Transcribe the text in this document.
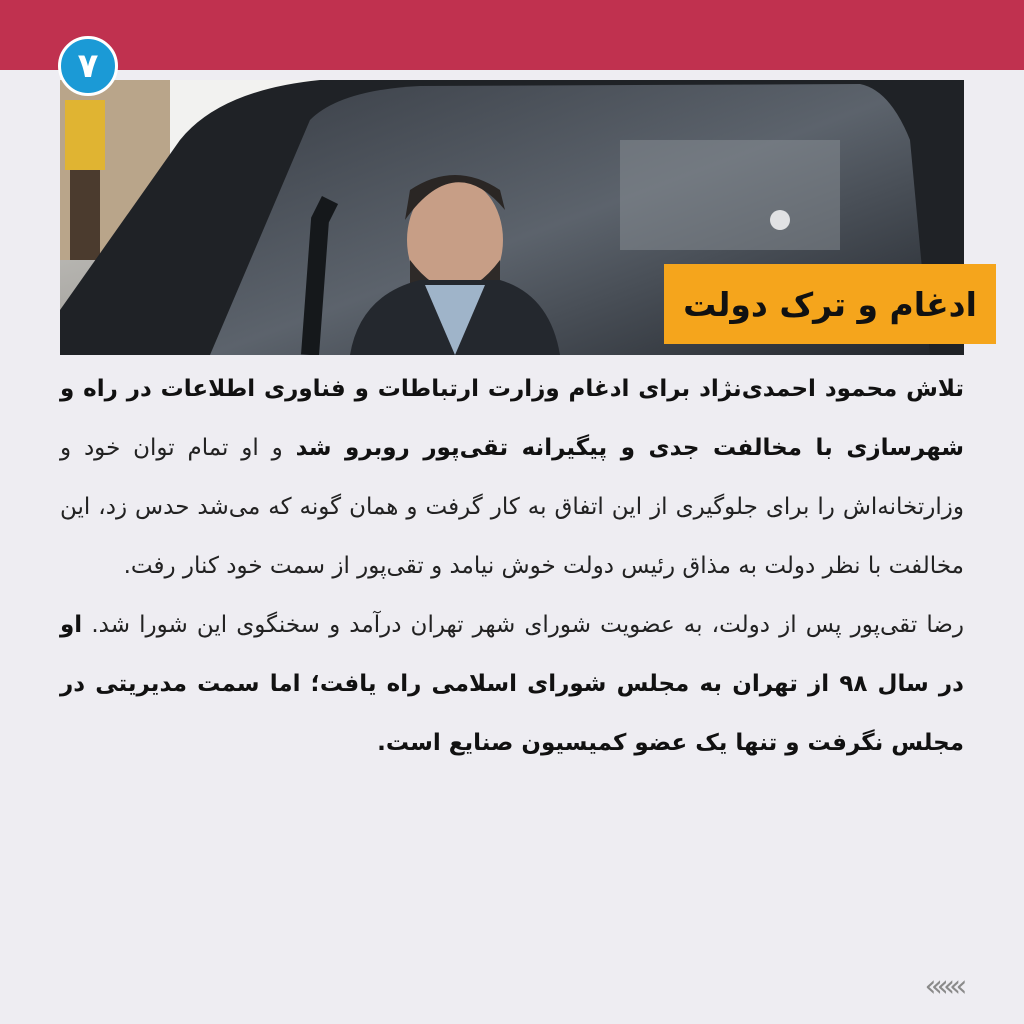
۷
ادغام و ترک دولت

تلاش محمود احمدی‌نژاد برای ادغام وزارت ارتباطات و فناوری اطلاعات در راه و شهرسازی با مخالفت جدی و پیگیرانه تقی‌پور روبرو شد و او تمام توان خود و وزارتخانه‌اش را برای جلوگیری از این اتفاق به کار گرفت و همان گونه که می‌شد حدس زد، این مخالفت با نظر دولت به مذاق رئیس دولت خوش نیامد و تقی‌پور از سمت خود کنار رفت.

رضا تقی‌پور پس از دولت، به عضویت شورای شهر تهران درآمد و سخنگوی این شورا شد. او در سال ۹۸ از تهران به مجلس شورای اسلامی راه یافت؛ اما سمت مدیریتی در مجلس نگرفت و تنها یک عضو کمیسیون صنایع است.

«««
